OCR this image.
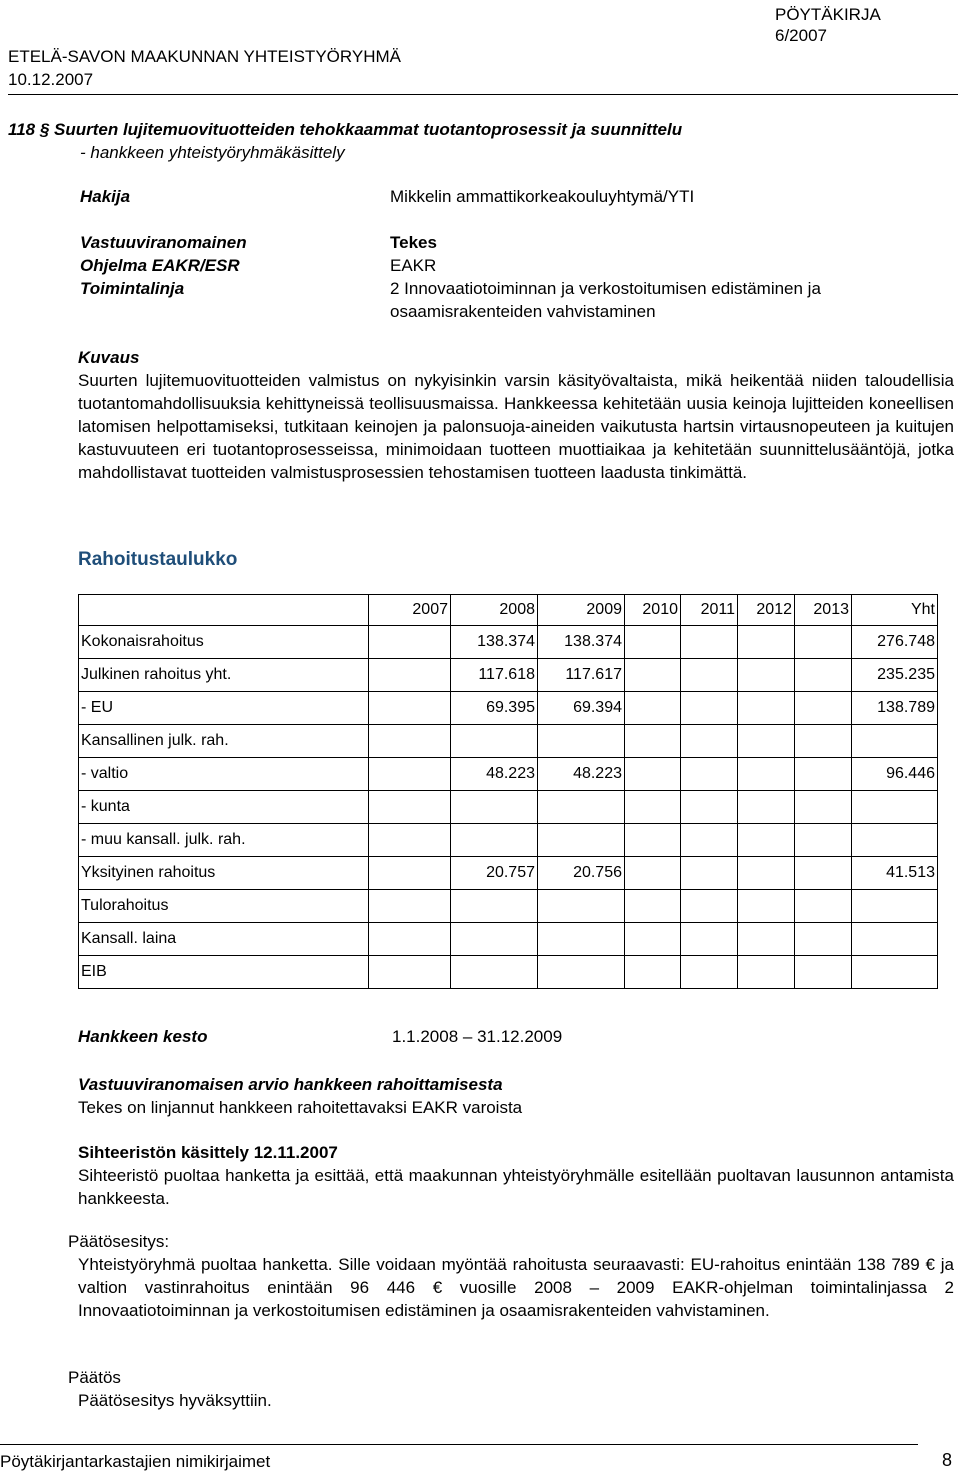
PÖYTÄKIRJA
6/2007
ETELÄ-SAVON MAAKUNNAN YHTEISTYÖRYHMÄ
10.12.2007
118 § Suurten lujitemuovituotteiden tehokkaammat tuotantoprosessit ja suunnittelu
- hankkeen yhteistyöryhmäkäsittely
Hakija	Mikkelin ammattikorkeakouluyhtymä/YTI
Vastuuviranomainen	Tekes
Ohjelma EAKR/ESR	EAKR
Toimintalinja	2 Innovaatiotoiminnan ja verkostoitumisen edistäminen ja
osaamisrakenteiden vahvistaminen
Kuvaus
Suurten lujitemuovituotteiden valmistus on nykyisinkin varsin käsityövaltaista, mikä heikentää niiden taloudellisia tuotantomahdollisuuksia kehittyneissä teollisuusmaissa. Hankkeessa kehitetään uusia keinoja lujitteiden koneellisen latomisen helpottamiseksi, tutkitaan keinojen ja palonsuoja-aineiden vaikutusta hartsin virtausnopeuteen ja kuitujen kastuvuuteen eri tuotantoprosesseissa, minimoidaan tuotteen muottiaikaa ja kehitetään suunnittelusääntöjä, jotka mahdollistavat tuotteiden valmistusprosessien tehostamisen tuotteen laadusta tinkimättä.
Rahoitustaulukko
	2007	2008	2009	2010	2011	2012	2013	Yht
Kokonaisrahoitus		138.374	138.374					276.748
Julkinen rahoitus yht.		117.618	117.617					235.235
- EU		69.395	69.394					138.789
Kansallinen julk. rah.								
- valtio		48.223	48.223					96.446
- kunta								
- muu kansall. julk. rah.								
Yksityinen rahoitus		20.757	20.756					41.513
Tulorahoitus								
Kansall. laina								
EIB								
Hankkeen kesto	1.1.2008 – 31.12.2009
Vastuuviranomaisen arvio hankkeen rahoittamisesta
Tekes on linjannut hankkeen rahoitettavaksi EAKR varoista
Sihteeristön käsittely 12.11.2007
Sihteeristö puoltaa hanketta ja esittää, että maakunnan yhteistyöryhmälle esitellään puoltavan lausunnon antamista hankkeesta.
Päätösesitys:
Yhteistyöryhmä puoltaa hanketta. Sille voidaan myöntää rahoitusta seuraavasti: EU-rahoitus enintään 138 789 € ja valtion vastinrahoitus enintään 96 446 € vuosille 2008 – 2009 EAKR-ohjelman toimintalinjassa 2 Innovaatiotoiminnan ja verkostoitumisen edistäminen ja osaamisrakenteiden vahvistaminen.
Päätös
Päätösesitys hyväksyttiin.
Pöytäkirjantarkastajien nimikirjaimet	8
